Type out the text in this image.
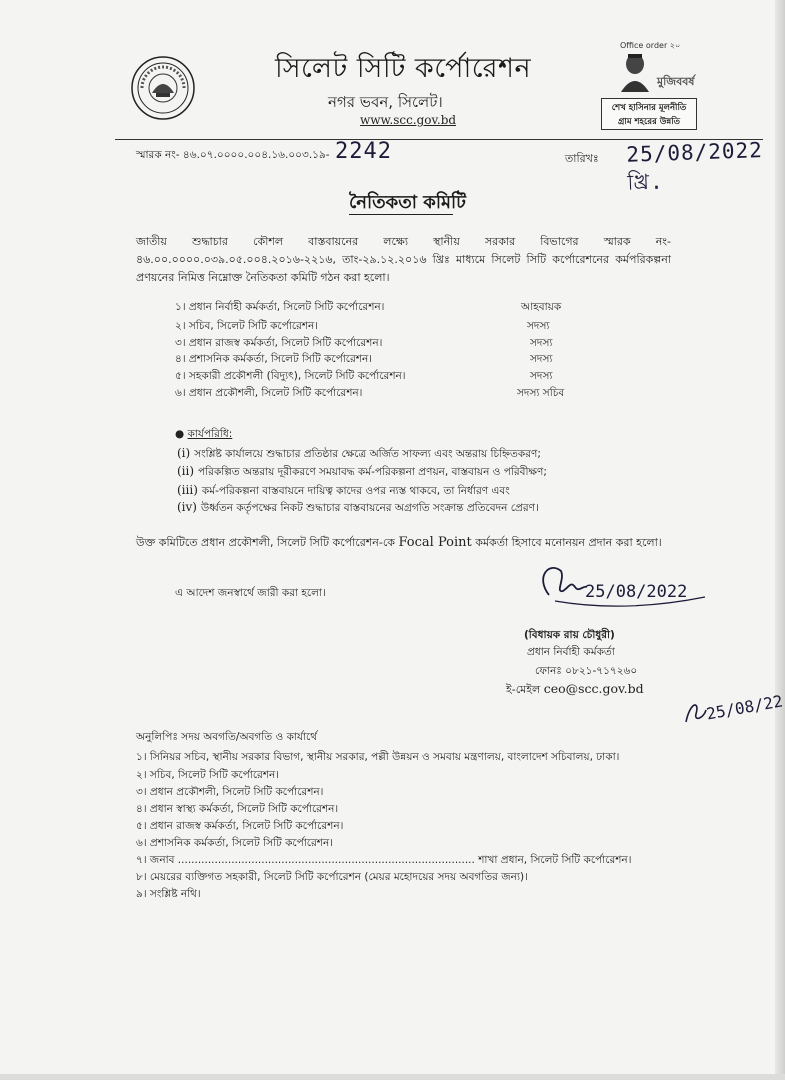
সিলেট সিটি কর্পোরেশন
নগর ভবন, সিলেট।
www.scc.gov.bd
Office order ২০
মুজিববর্ষ
শেখ হাসিনার মূলনীতি
গ্রাম শহরের উন্নতি
স্মারক নং- ৪৬.০৭.০০০০.০০৪.১৬.০০৩.১৯- 2242	তারিখঃ 25/08/2022 খ্রি.
নৈতিকতা কমিটি
জাতীয় শুদ্ধাচার কৌশল বাস্তবায়নের লক্ষ্যে স্থানীয় সরকার বিভাগের স্মারক নং- ৪৬.০০.০০০০.০৩৯.০৫.০০৪.২০১৬-২২১৬, তাং-২৯.১২.২০১৬ খ্রিঃ মাধ্যমে সিলেট সিটি কর্পোরেশনের কর্মপরিকল্পনা প্রণয়নের নিমিত্ত নিম্নোক্ত নৈতিকতা কমিটি গঠন করা হলো।
১। প্রধান নির্বাহী কর্মকর্তা, সিলেট সিটি কর্পোরেশন।	আহবায়ক
২। সচিব, সিলেট সিটি কর্পোরেশন।	সদস্য
৩। প্রধান রাজস্ব কর্মকর্তা, সিলেট সিটি কর্পোরেশন।	সদস্য
৪। প্রশাসনিক কর্মকর্তা, সিলেট সিটি কর্পোরেশন।	সদস্য
৫। সহকারী প্রকৌশলী (বিদ্যুৎ), সিলেট সিটি কর্পোরেশন।	সদস্য
৬। প্রধান প্রকৌশলী, সিলেট সিটি কর্পোরেশন।	সদস্য সচিব
● কার্যপরিধি:
(i) সংশ্লিষ্ট কার্যালয়ে শুদ্ধাচার প্রতিষ্ঠার ক্ষেত্রে অর্জিত সাফল্য এবং অন্তরায় চিহ্নিতকরণ;
(ii) পরিকল্পিত অন্তরায় দূরীকরণে সময়াবদ্ধ কর্ম-পরিকল্পনা প্রণয়ন, বাস্তবায়ন ও পরিবীক্ষণ;
(iii) কর্ম-পরিকল্পনা বাস্তবায়নে দায়িত্ব কাদের ওপর ন্যস্ত থাকবে, তা নির্ধারণ এবং
(iv) উর্ধ্বতন কর্তৃপক্ষের নিকট শুদ্ধাচার বাস্তবায়নের অগ্রগতি সংক্রান্ত প্রতিবেদন প্রেরণ।
উক্ত কমিটিতে প্রধান প্রকৌশলী, সিলেট সিটি কর্পোরেশন-কে Focal Point কর্মকর্তা হিসাবে মনোনয়ন প্রদান করা হলো।
এ আদেশ জনস্বার্থে জারী করা হলো।	25/08/2022
(বিধায়ক রায় চৌধুরী)
প্রধান নির্বাহী কর্মকর্তা
ফোনঃ ০৮২১-৭১৭২৬০
ই-মেইল ceo@scc.gov.bd
25/08/22
অনুলিপিঃ সদয় অবগতি/অবগতি ও কার্যার্থে
১। সিনিয়র সচিব, স্থানীয় সরকার বিভাগ, স্থানীয় সরকার, পল্লী উন্নয়ন ও সমবায় মন্ত্রণালয়, বাংলাদেশ সচিবালয়, ঢাকা।
২। সচিব, সিলেট সিটি কর্পোরেশন।
৩। প্রধান প্রকৌশলী, সিলেট সিটি কর্পোরেশন।
৪। প্রধান স্বাস্থ্য কর্মকর্তা, সিলেট সিটি কর্পোরেশন।
৫। প্রধান রাজস্ব কর্মকর্তা, সিলেট সিটি কর্পোরেশন।
৬। প্রশাসনিক কর্মকর্তা, সিলেট সিটি কর্পোরেশন।
৭। জনাব ......................................................................................... শাখা প্রধান, সিলেট সিটি কর্পোরেশন।
৮। মেয়রের ব্যক্তিগত সহকারী, সিলেট সিটি কর্পোরেশন (মেয়র মহোদয়ের সদয় অবগতির জন্য)।
৯। সংশ্লিষ্ট নথি।
